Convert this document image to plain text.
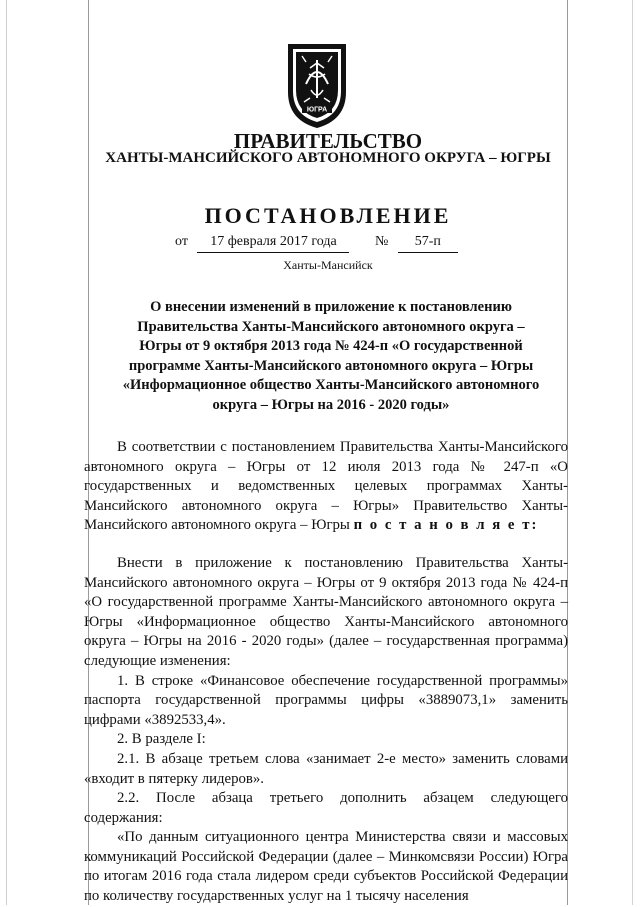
ЮГРА
ПРАВИТЕЛЬСТВО
ХАНТЫ-МАНСИЙСКОГО АВТОНОМНОГО ОКРУГА – ЮГРЫ
ПОСТАНОВЛЕНИЕ
от 17 февраля 2017 года	№ 57-п
Ханты-Мансийск
О внесении изменений в приложение к постановлению Правительства Ханты-Мансийского автономного округа – Югры от 9 октября 2013 года № 424-п «О государственной программе Ханты-Мансийского автономного округа – Югры «Информационное общество Ханты-Мансийского автономного округа – Югры на 2016 - 2020 годы»

В соответствии с постановлением Правительства Ханты-Мансийского автономного округа – Югры от 12 июля 2013 года № 247-п «О государственных и ведомственных целевых программах Ханты-Мансийского автономного округа – Югры» Правительство Ханты-Мансийского автономного округа – Югры п о с т а н о в л я е т:

Внести в приложение к постановлению Правительства Ханты-Мансийского автономного округа – Югры от 9 октября 2013 года № 424-п «О государственной программе Ханты-Мансийского автономного округа – Югры «Информационное общество Ханты-Мансийского автономного округа – Югры на 2016 - 2020 годы» (далее – государственная программа) следующие изменения:

1. В строке «Финансовое обеспечение государственной программы» паспорта государственной программы цифры «3889073,1» заменить цифрами «3892533,4».

2. В разделе I:

2.1. В абзаце третьем слова «занимает 2-е место» заменить словами «входит в пятерку лидеров».

2.2. После абзаца третьего дополнить абзацем следующего содержания:

«По данным ситуационного центра Министерства связи и массовых коммуникаций Российской Федерации (далее – Минкомсвязи России) Югра по итогам 2016 года стала лидером среди субъектов Российской Федерации по количеству государственных услуг на 1 тысячу населения
